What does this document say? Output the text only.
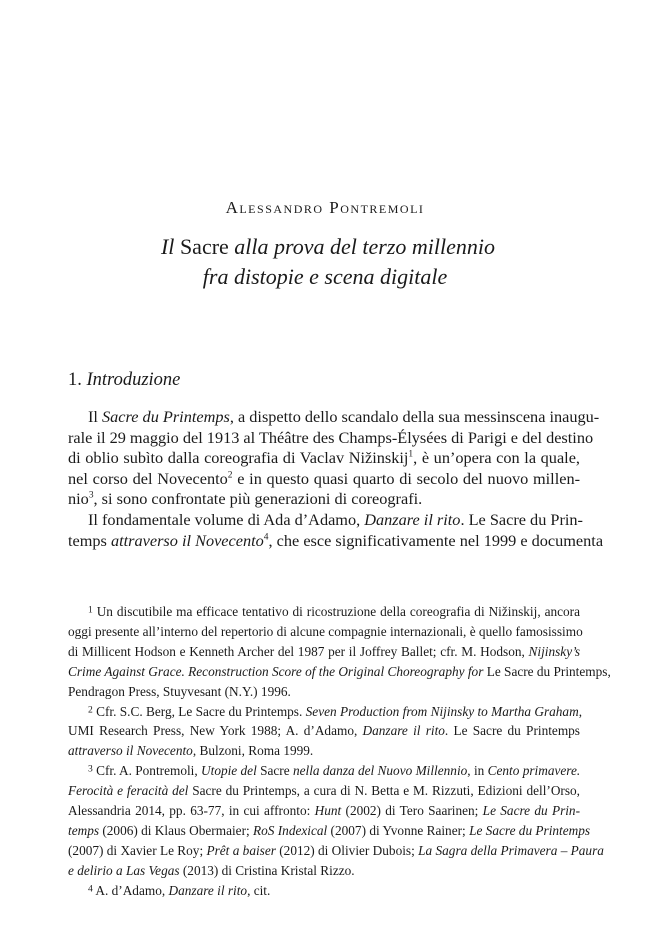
Alessandro Pontremoli
Il Sacre alla prova del terzo millennio
fra distopie e scena digitale
1. Introduzione
Il Sacre du Printemps, a dispetto dello scandalo della sua messinscena inaugu-
rale il 29 maggio del 1913 al Théâtre des Champs-Élysées di Parigi e del destino
di oblio subìto dalla coreografia di Vaclav Nižinskij$^1$, è un’opera con la quale,
nel corso del Novecento$^2$ e in questo quasi quarto di secolo del nuovo millen-
nio$^3$, si sono confrontate più generazioni di coreografi.
Il fondamentale volume di Ada d’Adamo, Danzare il rito. Le Sacre du Prin-
temps attraverso il Novecento$^4$, che esce significativamente nel 1999 e documenta
$^1$ Un discutibile ma efficace tentativo di ricostruzione della coreografia di Nižinskij, ancora
oggi presente all’interno del repertorio di alcune compagnie internazionali, è quello famosissimo
di Millicent Hodson e Kenneth Archer del 1987 per il Joffrey Ballet; cfr. M. Hodson, Nijinsky’s
Crime Against Grace. Reconstruction Score of the Original Choreography for Le Sacre du Printemps,
Pendragon Press, Stuyvesant (N.Y.) 1996.
$^2$ Cfr. S.C. Berg, Le Sacre du Printemps. Seven Production from Nijinsky to Martha Graham,
UMI Research Press, New York 1988; A. d’Adamo, Danzare il rito. Le Sacre du Printemps
attraverso il Novecento, Bulzoni, Roma 1999.
$^3$ Cfr. A. Pontremoli, Utopie del Sacre nella danza del Nuovo Millennio, in Cento primavere.
Ferocità e feracità del Sacre du Printemps, a cura di N. Betta e M. Rizzuti, Edizioni dell’Orso,
Alessandria 2014, pp. 63-77, in cui affronto: Hunt (2002) di Tero Saarinen; Le Sacre du Prin-
temps (2006) di Klaus Obermaier; RoS Indexical (2007) di Yvonne Rainer; Le Sacre du Printemps
(2007) di Xavier Le Roy; Prêt a baiser (2012) di Olivier Dubois; La Sagra della Primavera – Paura
e delirio a Las Vegas (2013) di Cristina Kristal Rizzo.
$^4$ A. d’Adamo, Danzare il rito, cit.
